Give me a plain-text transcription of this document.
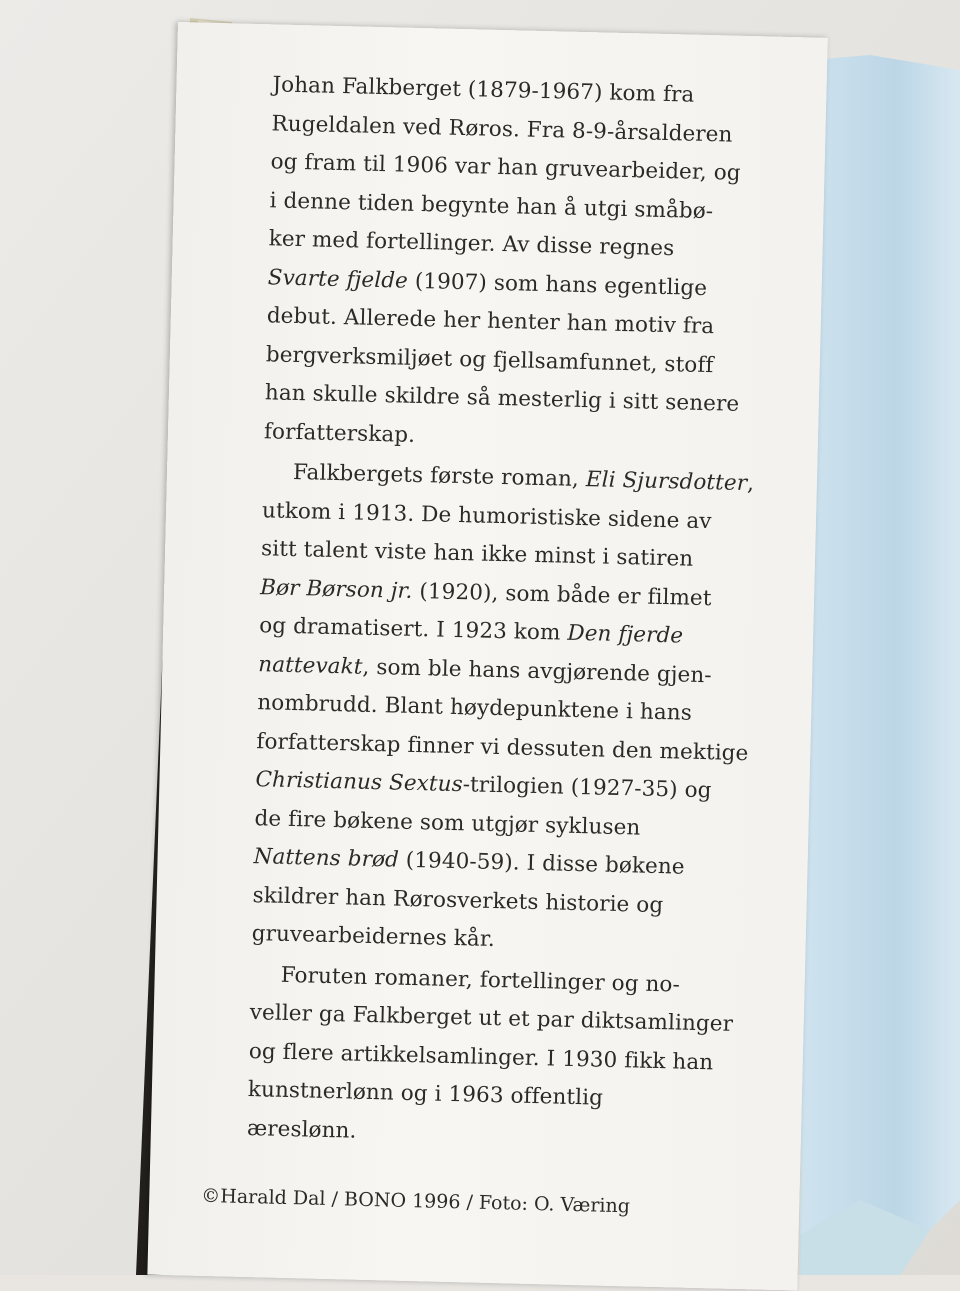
Johan Falkberget (1879-1967) kom fra
Rugeldalen ved Røros. Fra 8-9-årsalderen
og fram til 1906 var han gruvearbeider, og
i denne tiden begynte han å utgi småbø-
ker med fortellinger. Av disse regnes
Svarte fjelde (1907) som hans egentlige
debut. Allerede her henter han motiv fra
bergverksmiljøet og fjellsamfunnet, stoff
han skulle skildre så mesterlig i sitt senere
forfatterskap.
Falkbergets første roman, Eli Sjursdotter,
utkom i 1913. De humoristiske sidene av
sitt talent viste han ikke minst i satiren
Bør Børson jr. (1920), som både er filmet
og dramatisert. I 1923 kom Den fjerde
nattevakt, som ble hans avgjørende gjen-
nombrudd. Blant høydepunktene i hans
forfatterskap finner vi dessuten den mektige
Christianus Sextus-trilogien (1927-35) og
de fire bøkene som utgjør syklusen
Nattens brød (1940-59). I disse bøkene
skildrer han Rørosverkets historie og
gruvearbeidernes kår.
Foruten romaner, fortellinger og no-
veller ga Falkberget ut et par diktsamlinger
og flere artikkelsamlinger. I 1930 fikk han
kunstnerlønn og i 1963 offentlig
æreslønn.
©Harald Dal / BONO 1996 / Foto: O. Væring
